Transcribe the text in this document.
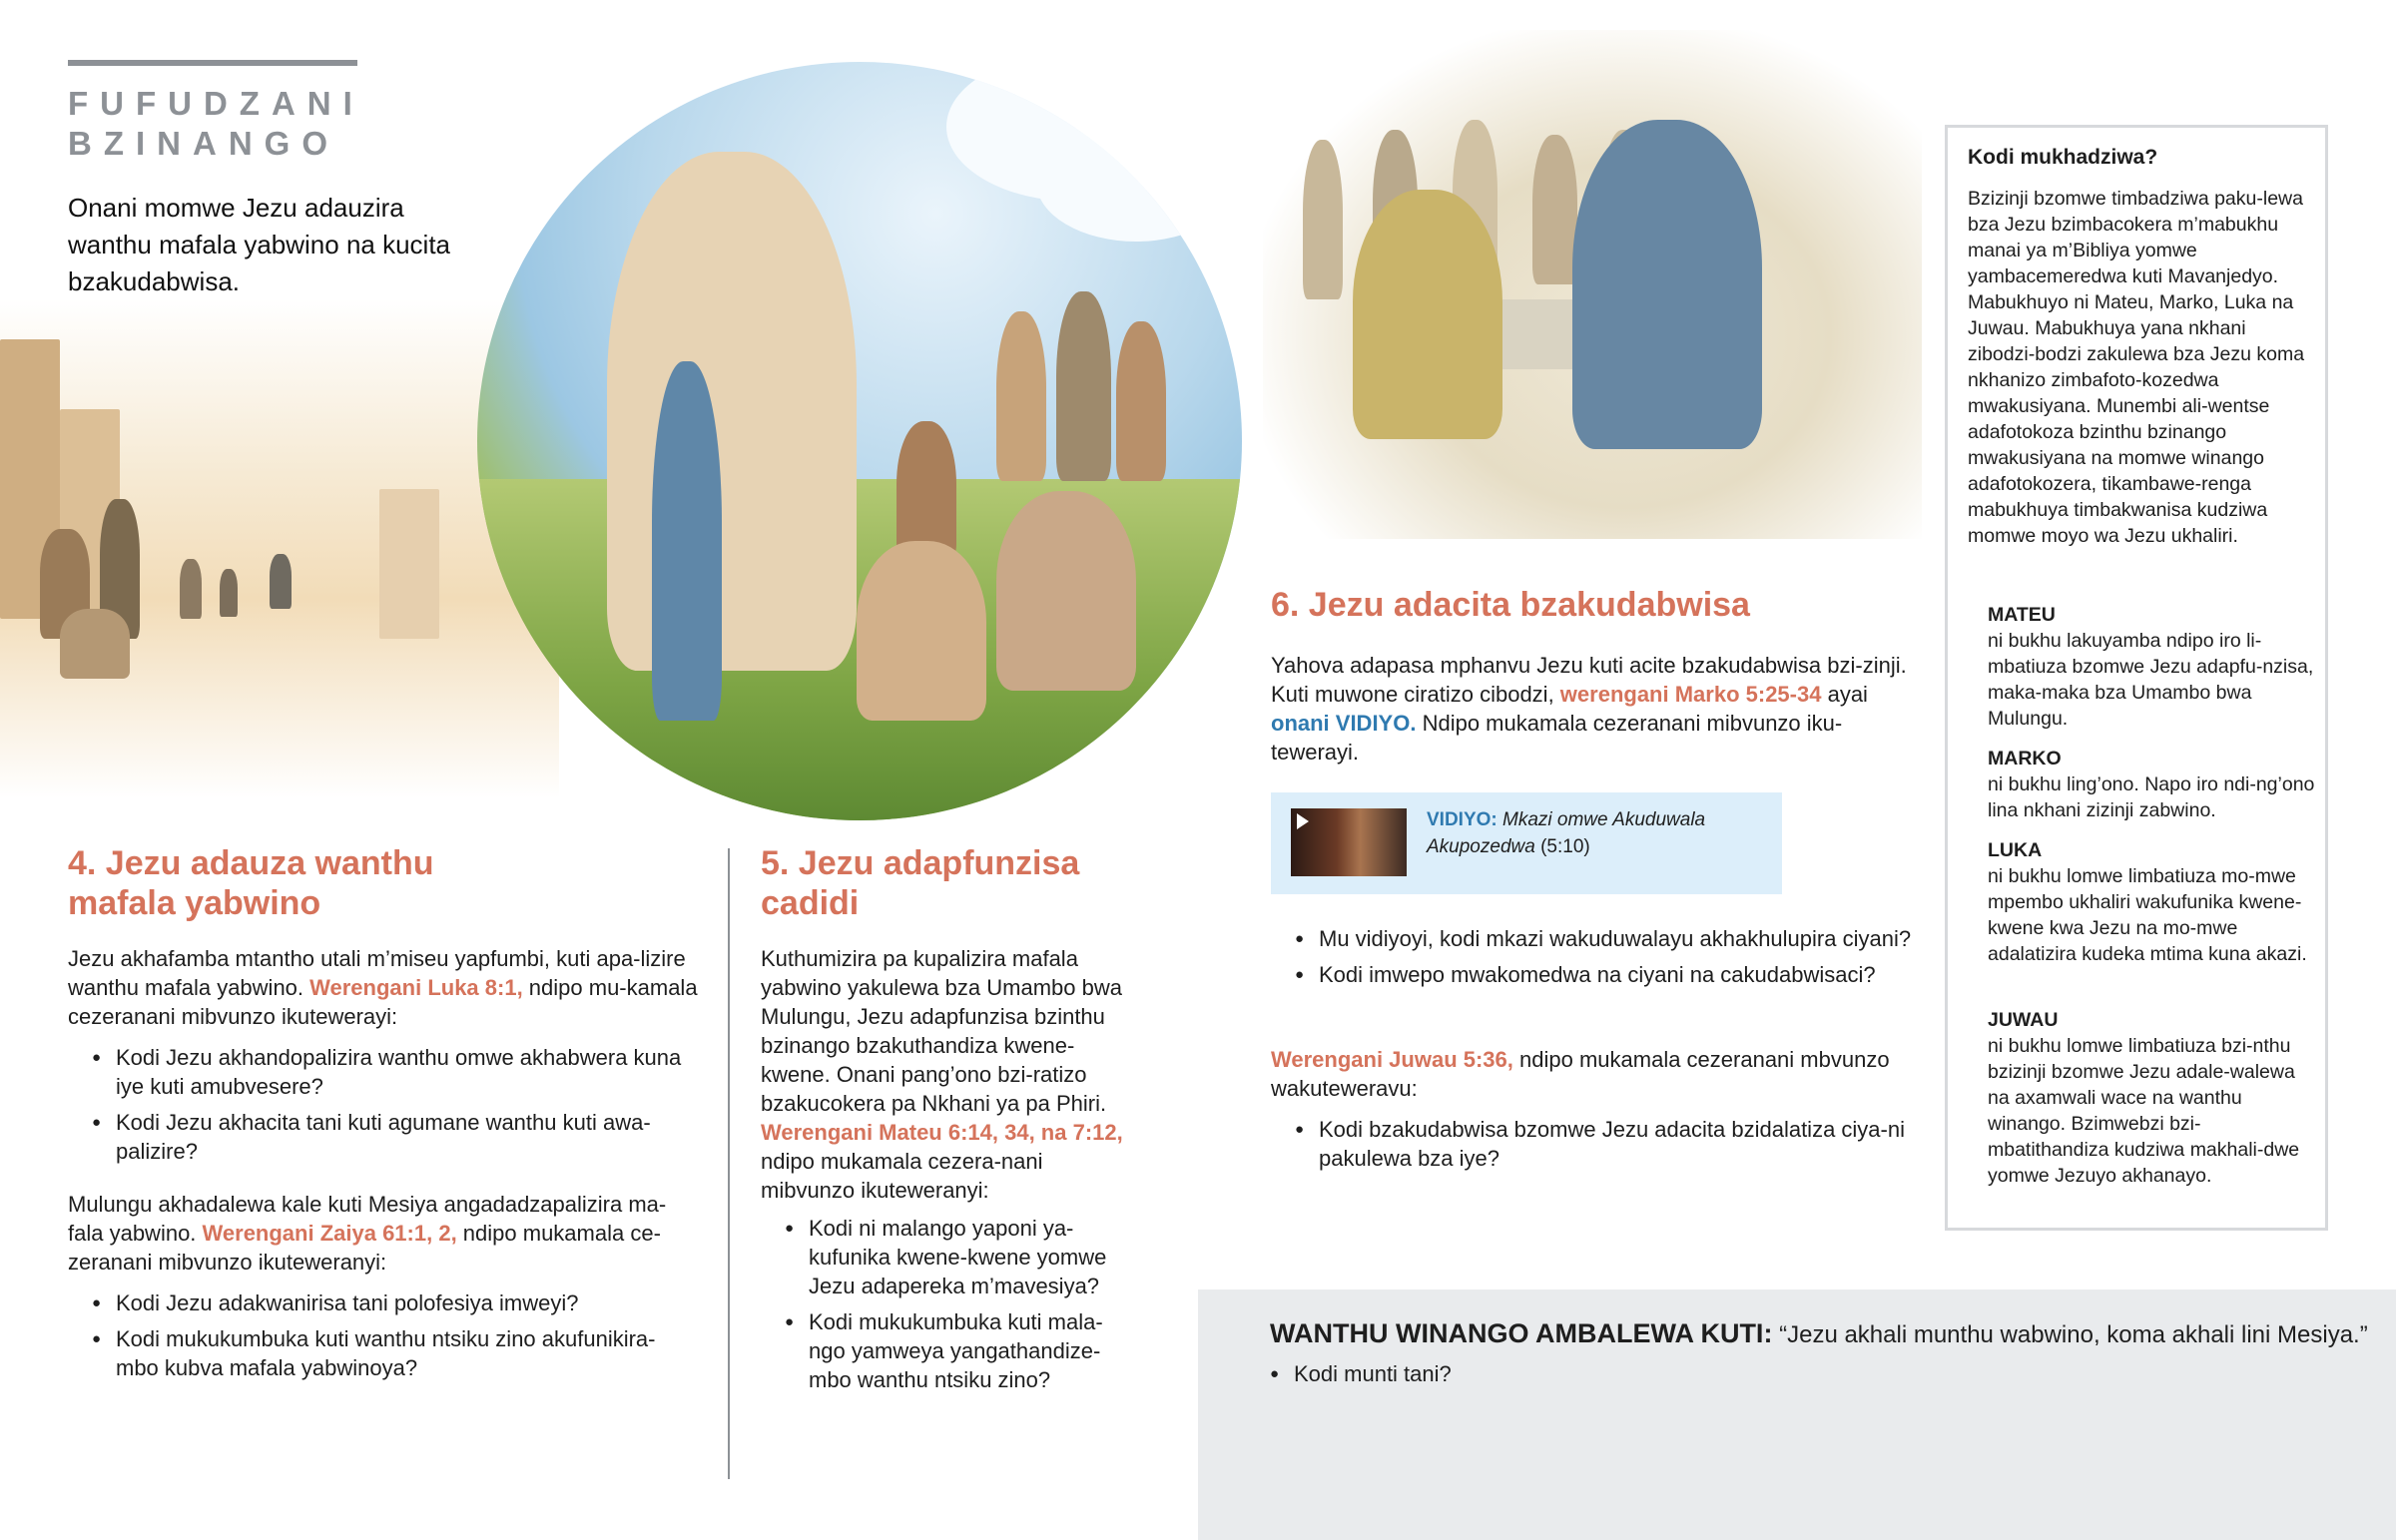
FUFUDZANI
BZINANGO
Onani momwe Jezu adauzira wanthu mafala yabwino na kucita bzakudabwisa.
4. Jezu adauza wanthu mafala yabwino
Jezu akhafamba mtantho utali m’miseu yapfumbi, kuti apa-lizire wanthu mafala yabwino. Werengani Luka 8:1, ndipo mu-kamala cezeranani mibvunzo ikutewerayi:
● Kodi Jezu akhandopalizira wanthu omwe akhabwera kuna iye kuti amubvesere?
● Kodi Jezu akhacita tani kuti agumane wanthu kuti awa-palizire?
Mulungu akhadalewa kale kuti Mesiya angadadzapalizira ma-fala yabwino. Werengani Zaiya 61:1, 2, ndipo mukamala ce-zeranani mibvunzo ikuteweranyi:
● Kodi Jezu adakwanirisa tani polofesiya imweyi?
● Kodi mukukumbuka kuti wanthu ntsiku zino akufunikira-mbo kubva mafala yabwinoya?
5. Jezu adapfunzisa cadidi
Kuthumizira pa kupalizira mafala yabwino yakulewa bza Umambo bwa Mulungu, Jezu adapfunzisa bzinthu bzinango bzakuthandiza kwene-kwene. Onani pang’ono bzi-ratizo bzakucokera pa Nkhani ya pa Phiri. Werengani Mateu 6:14, 34, na 7:12, ndipo mukamala cezera-nani mibvunzo ikuteweranyi:
● Kodi ni malango yaponi ya-kufunika kwene-kwene yomwe Jezu adapereka m’mavesiya?
● Kodi mukukumbuka kuti mala-ngo yamweya yangathandize-mbo wanthu ntsiku zino?
6. Jezu adacita bzakudabwisa
Yahova adapasa mphanvu Jezu kuti acite bzakudabwisa bzi-zinji. Kuti muwone ciratizo cibodzi, werengani Marko 5:25-34 ayai onani VIDIYO. Ndipo mukamala cezeranani mibvunzo iku-tewerayi.
VIDIYO: Mkazi omwe Akuduwala Akupozedwa (5:10)
● Mu vidiyoyi, kodi mkazi wakuduwalayu akhakhulupira ciyani?
● Kodi imwepo mwakomedwa na ciyani na cakudabwisaci?
Werengani Juwau 5:36, ndipo mukamala cezeranani mbvunzo wakuteweravu:
● Kodi bzakudabwisa bzomwe Jezu adacita bzidalatiza ciya-ni pakulewa bza iye?
Kodi mukhadziwa?
Bzizinji bzomwe timbadziwa paku-lewa bza Jezu bzimbacokera m’mabukhu manai ya m’Bibliya yomwe yambacemeredwa kuti Mavanjedyo. Mabukhuyo ni Mateu, Marko, Luka na Juwau. Mabukhuya yana nkhani zibodzi-bodzi zakulewa bza Jezu koma nkhanizo zimbafoto-kozedwa mwakusiyana. Munembi ali-wentse adafotokoza bzinthu bzinango mwakusiyana na momwe winango adafotokozera, tikambawe-renga mabukhuya timbakwanisa kudziwa momwe moyo wa Jezu ukhaliri.
MATEU
ni bukhu lakuyamba ndipo iro li-mbatiuza bzomwe Jezu adapfu-nzisa, maka-maka bza Umambo bwa Mulungu.
MARKO
ni bukhu ling’ono. Napo iro ndi-ng’ono lina nkhani zizinji zabwino.
LUKA
ni bukhu lomwe limbatiuza mo-mwe mpembo ukhaliri wakufunika kwene-kwene kwa Jezu na mo-mwe adalatizira kudeka mtima kuna akazi.
JUWAU
ni bukhu lomwe limbatiuza bzi-nthu bzizinji bzomwe Jezu adale-walewa na axamwali wace na wanthu winango. Bzimwebzi bzi-mbatithandiza kudziwa makhali-dwe yomwe Jezuyo akhanayo.
WANTHU WINANGO AMBALEWA KUTI: “Jezu akhali munthu wabwino, koma akhali lini Mesiya.”
● Kodi munti tani?
